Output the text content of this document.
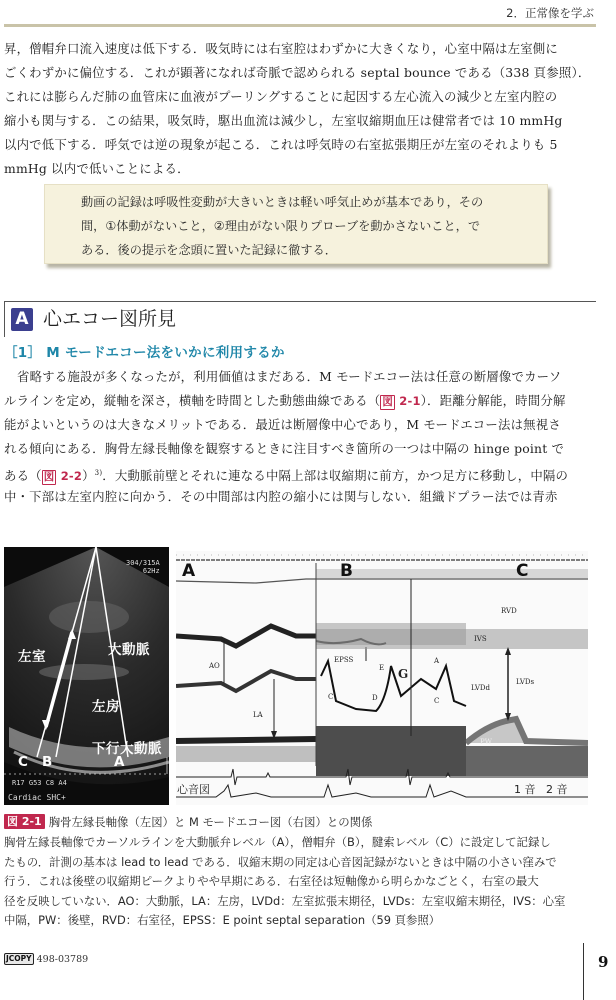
2．正常像を学ぶ
昇，僧帽弁口流入速度は低下する．吸気時には右室腔はわずかに大きくなり，心室中隔は左室側に
ごくわずかに偏位する．これが顕著になれば奇脈で認められる septal bounce である（338 頁参照）．
これには膨らんだ肺の血管床に血液がプーリングすることに起因する左心流入の減少と左室内腔の
縮小も関与する．この結果，吸気時，駆出血流は減少し，左室収縮期血圧は健常者では 10 mmHg
以内で低下する．呼気では逆の現象が起こる．これは呼気時の右室拡張期圧が左室のそれよりも 5
mmHg 以内で低いことによる．
動画の記録は呼吸性変動が大きいときは軽い呼気止めが基本であり，その
間，①体動がないこと，②理由がない限りプローブを動かさないこと，で
ある．後の提示を念頭に置いた記録に徹する．
A 心エコー図所見
［1］ M モードエコー法をいかに利用するか
省略する施設が多くなったが，利用価値はまだある．M モードエコー法は任意の断層像でカーソ
ルラインを定め，縦軸を深さ，横軸を時間とした動態曲線である（ 図 2-1）．距離分解能，時間分解
能がよいというのは大きなメリットである．最近は断層像中心であり，M モードエコー法は無視さ
れる傾向にある．胸骨左縁長軸像を観察するときに注目すべき箇所の一つは中隔の hinge point で
ある（ 図 2-2）$^{3)}$．大動脈前壁とそれに連なる中隔上部は収縮期に前方，かつ足方に移動し，中隔の
中・下部は左室内腔に向かう．その中間部は内腔の縮小には関与しない．組織ドプラー法では青赤
304/315A
62Hz
左室	大動脈
左房
下行大動脈
C B	A
R17 G53 C8 A4
Cardiac SHC+
A	B	C
AO
LA
EPSS
E
C	D
G
A
C
RVD
IVS
LVDd
LVDs
PW
心音図	1 音 2 音
図 2-1 胸骨左縁長軸像（左図）と M モードエコー図（右図）との関係
胸骨左縁長軸像でカーソルラインを大動脈弁レベル（A），僧帽弁（B），腱索レベル（C）に設定して記録し
たもの．計測の基本は lead to lead である．収縮末期の同定は心音図記録がないときは中隔の小さい窪みで
行う．これは後壁の収縮期ピークよりやや早期にある．右室径は短軸像から明らかなごとく，右室の最大
径を反映していない．AO：大動脈，LA：左房，LVDd：左室拡張末期径，LVDs：左室収縮末期径，IVS：心室
中隔，PW：後壁，RVD：右室径，EPSS：E point septal separation（59 頁参照）
JCOPY 498-03789	9
